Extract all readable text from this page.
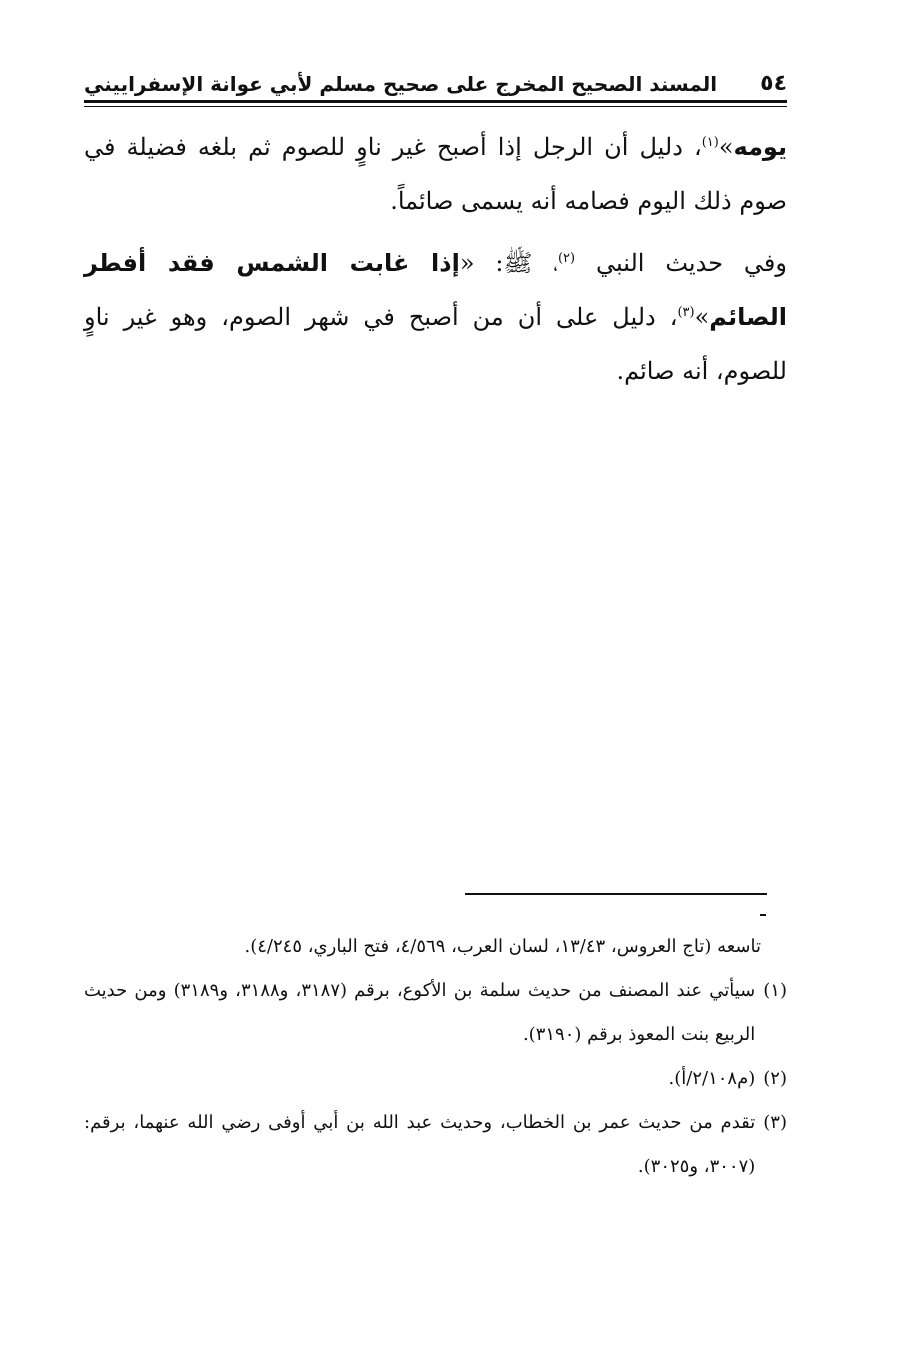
٥٤
المسند الصحيح المخرج على صحيح مسلم لأبي عوانة الإسفراييني

يومه»$^{(١)}$، دليل أن الرجل إذا أصبح غير ناوٍ للصوم ثم بلغه فضيلة في صوم ذلك اليوم فصامه أنه يسمى صائماً.

وفي حديث النبي $^{(٢)}$، ﷺ: «إذا غابت الشمس فقد أفطر الصائم»$^{(٣)}$، دليل على أن من أصبح في شهر الصوم، وهو غير ناوٍ للصوم، أنه صائم.

تاسعه (تاج العروس، ١٣/٤٣، لسان العرب، ٤/٥٦٩، فتح الباري، ٤/٢٤٥).

(١)
سيأتي عند المصنف من حديث سلمة بن الأكوع، برقم (٣١٨٧، و٣١٨٨، و٣١٨٩) ومن حديث الربيع بنت المعوذ برقم (٣١٩٠).
(٢)
(م٢/١٠٨/أ).
(٣)
تقدم من حديث عمر بن الخطاب، وحديث عبد الله بن أبي أوفى رضي الله عنهما، برقم: (٣٠٠٧، و٣٠٢٥).
